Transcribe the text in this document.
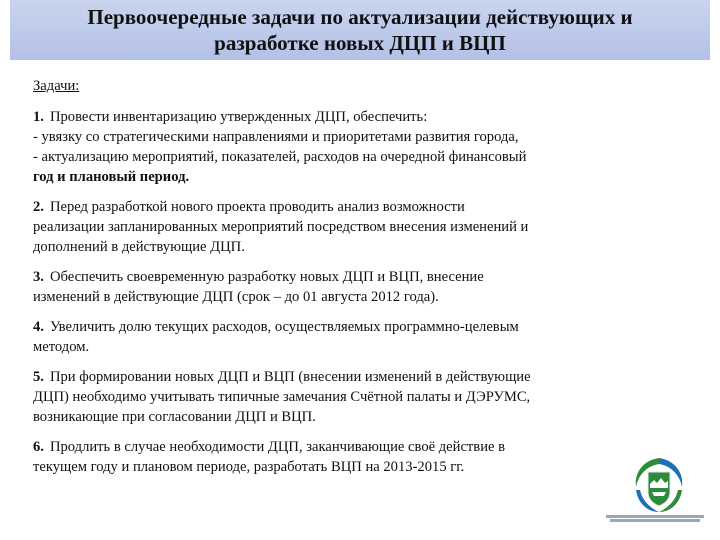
Первоочередные задачи по актуализации действующих и
разработке новых ДЦП и ВЦП
Задачи:
1. Провести инвентаризацию утвержденных ДЦП, обеспечить:
- увязку со стратегическими направлениями и приоритетами развития города,
- актуализацию мероприятий, показателей, расходов на очередной финансовый
год и плановый период.
2. Перед разработкой нового проекта проводить анализ возможности
реализации запланированных мероприятий посредством внесения изменений и
дополнений в действующие ДЦП.
3. Обеспечить своевременную разработку новых ДЦП и ВЦП, внесение
изменений в действующие ДЦП (срок – до 01 августа 2012 года).
4. Увеличить долю текущих расходов, осуществляемых программно-целевым
методом.
5. При формировании новых ДЦП и ВЦП (внесении изменений в действующие
ДЦП) необходимо учитывать типичные замечания Счётной палаты и ДЭРУМС,
возникающие при согласовании ДЦП и ВЦП.
6. Продлить в случае необходимости ДЦП, заканчивающие своё действие в
текущем году и плановом периоде, разработать ВЦП на 2013-2015 гг.
